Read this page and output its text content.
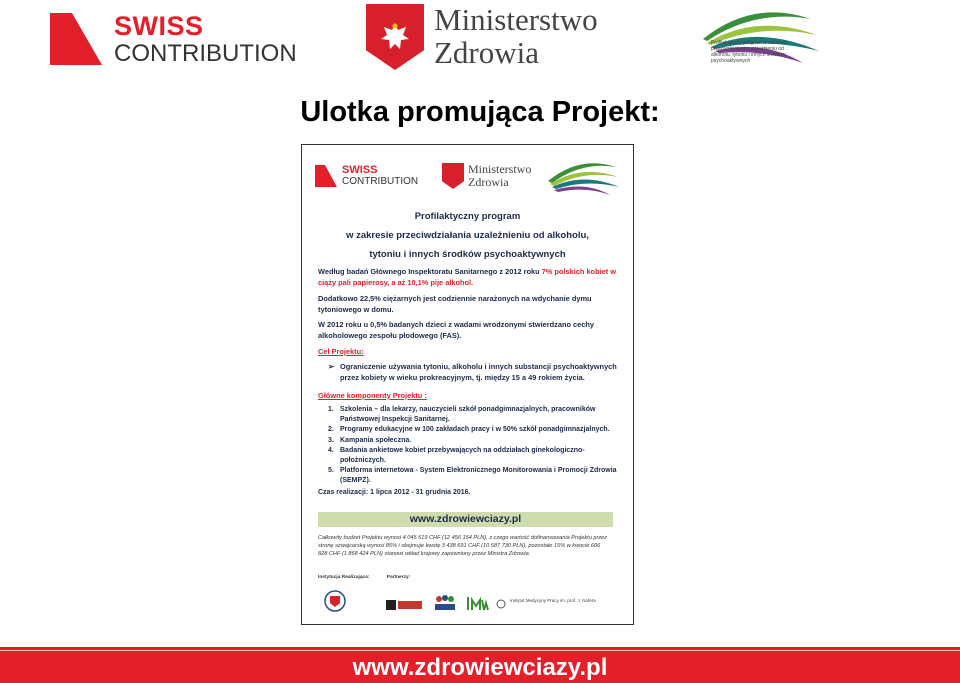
SWISS
CONTRIBUTION
Ministerstwo
Zdrowia	Profilaktyczny program w zakresie przeciwdziałania uzależnieniu od alkoholu, tytoniu i innych środków psychoaktywnych
Ulotka promująca Projekt:
SWISS
CONTRIBUTION
Ministerstwo
Zdrowia
Profilaktyczny program
w zakresie przeciwdziałania uzależnieniu od alkoholu,
tytoniu i innych środków psychoaktywnych

Według badań Głównego Inspektoratu Sanitarnego z 2012 roku 7% polskich kobiet w ciąży pali papierosy, a aż 10,1% pije alkohol.

Dodatkowo 22,5% ciężarnych jest codziennie narażonych na wdychanie dymu tytoniowego w domu.

W 2012 roku u 0,5% badanych dzieci z wadami wrodzonymi stwierdzano cechy alkoholowego zespołu płodowego (FAS).

Cel Projektu:
➢ Ograniczenie używania tytoniu, alkoholu i innych substancji psychoaktywnych przez kobiety w wieku prokreacyjnym, tj. między 15 a 49 rokiem życia.
Główne komponenty Projektu :
1. Szkolenia – dla lekarzy, nauczycieli szkół ponadgimnazjalnych, pracowników Państwowej Inspekcji Sanitarnej.
2. Programy edukacyjne w 100 zakładach pracy i w 50% szkół ponadgimnazjalnych.
3. Kampania społeczna.
4. Badania ankietowe kobiet przebywających na oddziałach ginekologiczno-położniczych.
5. Platforma internetowa - System Elektronicznego Monitorowania i Promocji Zdrowia (SEMPZ).
Czas realizacji: 1 lipca 2012 - 31 grudnia 2016.
www.zdrowiewciazy.pl
Całkowity budżet Projektu wynosi 4 045 519 CHF (12 456 154 PLN), z czego wartość dofinansowania Projektu przez stronę szwajcarską wynosi 85% i obejmuje kwotę 3 438 691 CHF (10 587 730 PLN), pozostałe 15% w kwocie 606 828 CHF (1 868 424 PLN) stanowi wkład krajowy zapewniony przez Ministra Zdrowia.
Instytucja Realizująca:	Partnerzy:
Instytut Medycyny Pracy im. prof. J. Nofera
www.zdrowiewciazy.pl
